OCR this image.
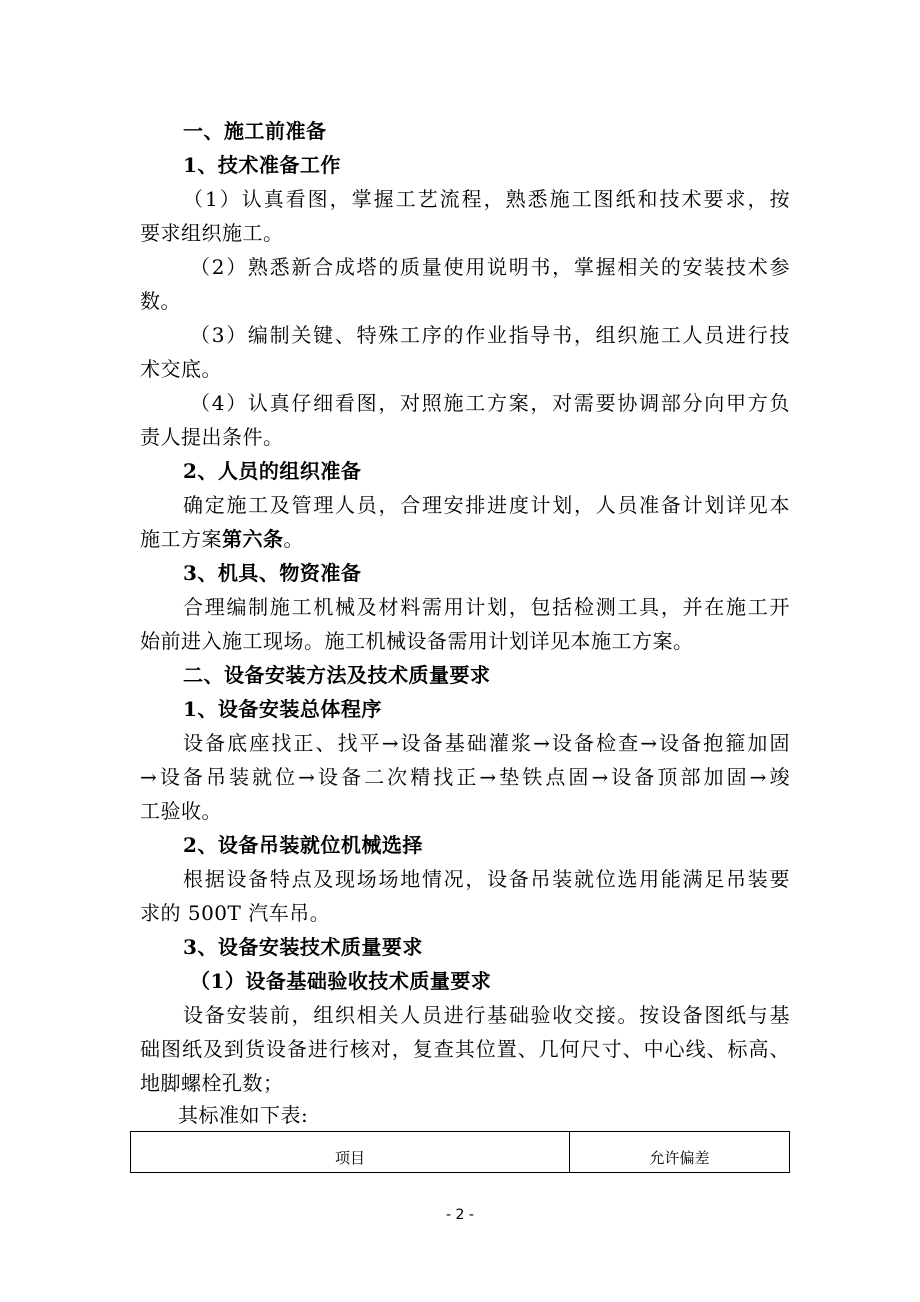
一、施工前准备
1、技术准备工作
（1）认真看图，掌握工艺流程，熟悉施工图纸和技术要求，按
要求组织施工。
（2）熟悉新合成塔的质量使用说明书，掌握相关的安装技术参
数。
（3）编制关键、特殊工序的作业指导书，组织施工人员进行技
术交底。
（4）认真仔细看图，对照施工方案，对需要协调部分向甲方负
责人提出条件。
2、人员的组织准备
确定施工及管理人员，合理安排进度计划，人员准备计划详见本
施工方案第六条。
3、机具、物资准备
合理编制施工机械及材料需用计划，包括检测工具，并在施工开
始前进入施工现场。施工机械设备需用计划详见本施工方案。
二、设备安装方法及技术质量要求
1、设备安装总体程序
设备底座找正、找平→设备基础灌浆→设备检查→设备抱箍加固
→设备吊装就位→设备二次精找正→垫铁点固→设备顶部加固→竣
工验收。
2、设备吊装就位机械选择
根据设备特点及现场场地情况，设备吊装就位选用能满足吊装要
求的 500T 汽车吊。
3、设备安装技术质量要求
（1）设备基础验收技术质量要求
设备安装前，组织相关人员进行基础验收交接。按设备图纸与基
础图纸及到货设备进行核对，复查其位置、几何尺寸、中心线、标高、
地脚螺栓孔数；
其标准如下表:
项目	允许偏差
- 2 -
